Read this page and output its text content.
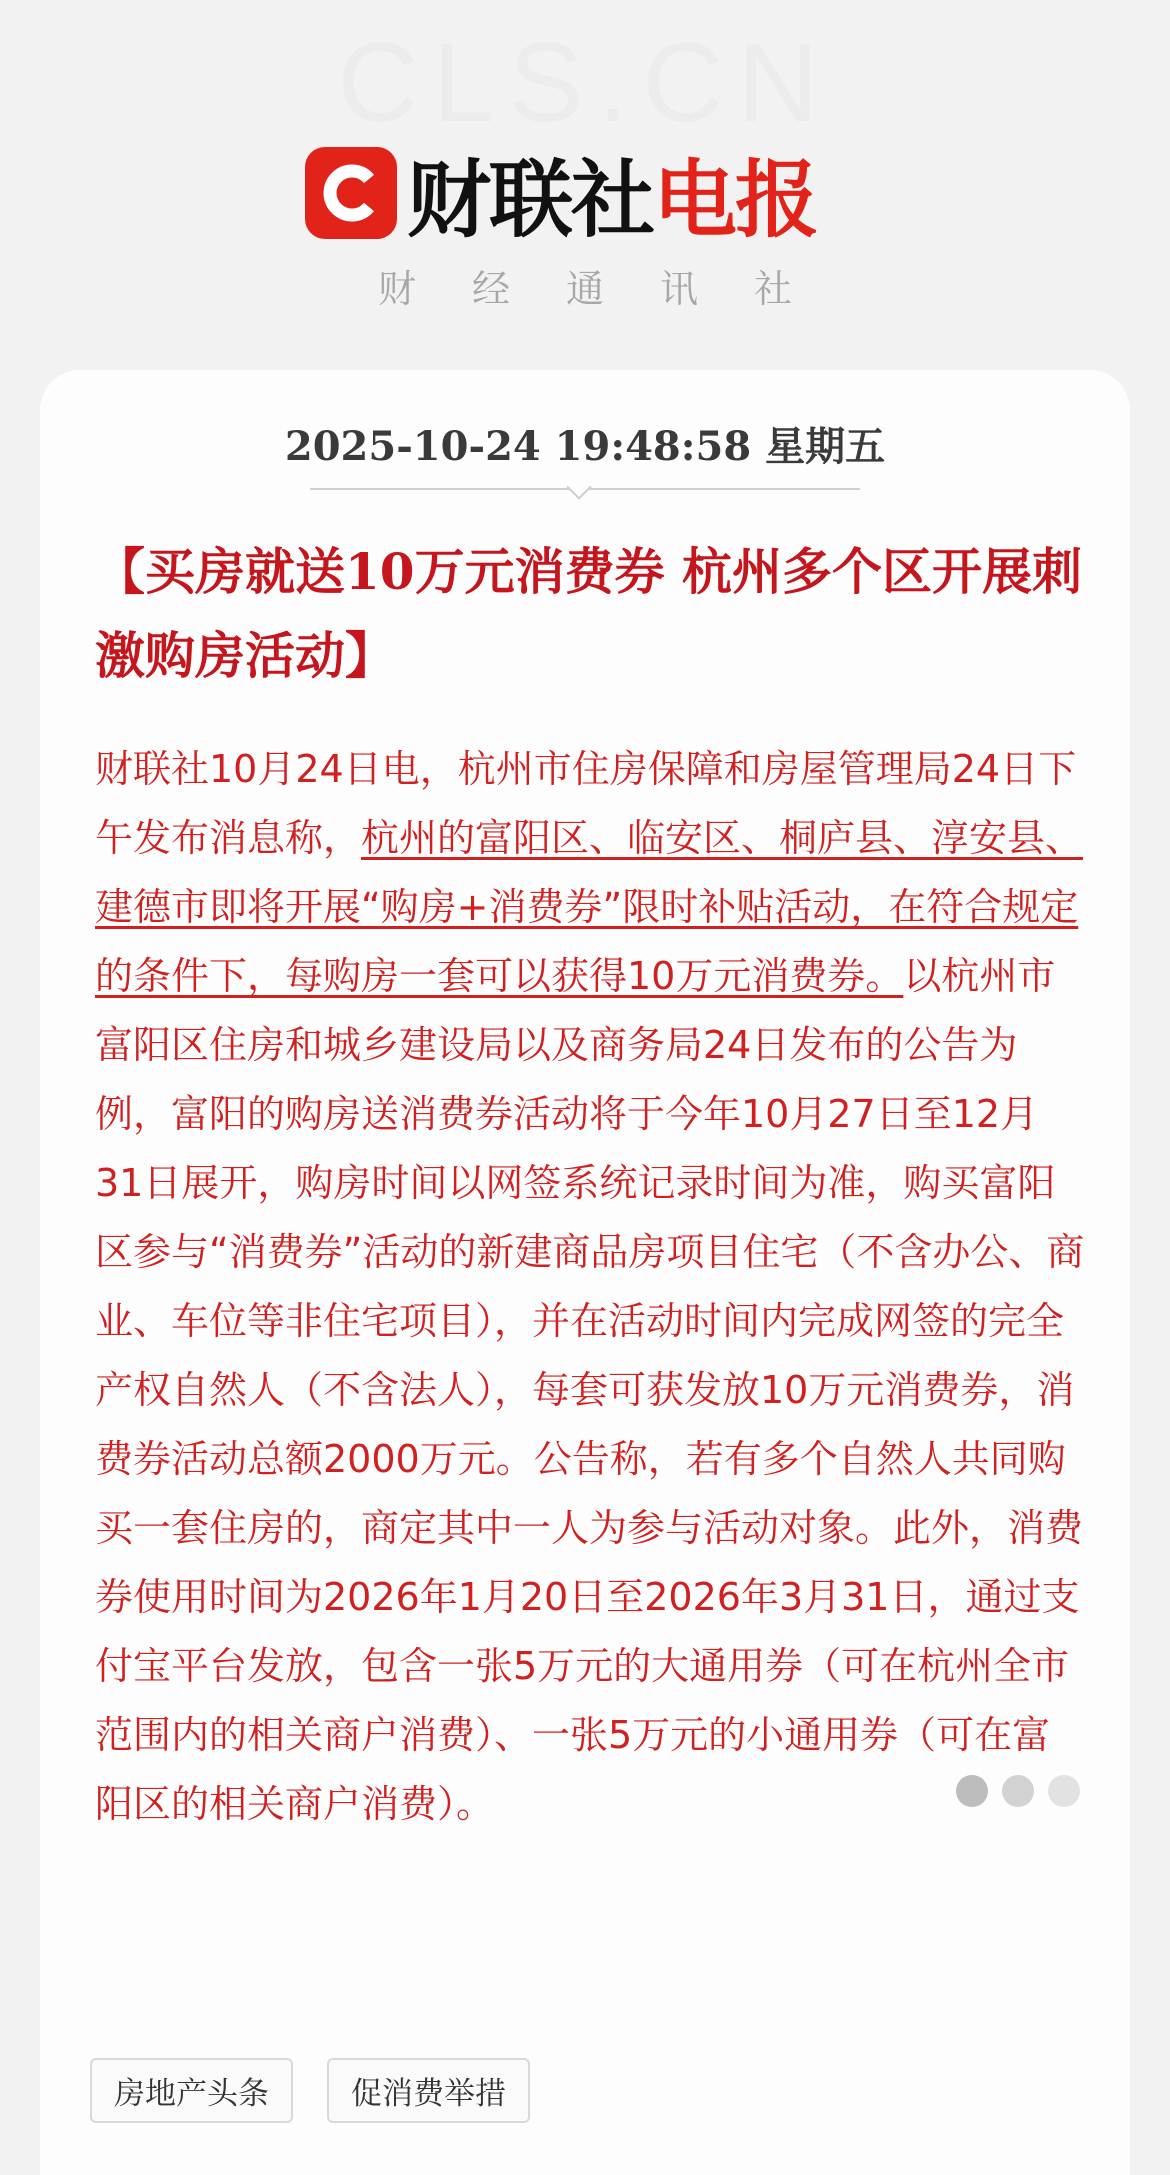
CLS.CN
财联社电报
财经通讯社
2025-10-24 19:48:58 星期五

【买房就送10万元消费券 杭州多个区开展刺激购房活动】

财联社10月24日电，杭州市住房保障和房屋管理局24日下午发布消息称，杭州的富阳区、临安区、桐庐县、淳安县、建德市即将开展“购房+消费券”限时补贴活动，在符合规定的条件下，每购房一套可以获得10万元消费券。以杭州市富阳区住房和城乡建设局以及商务局24日发布的公告为例，富阳的购房送消费券活动将于今年10月27日至12月31日展开，购房时间以网签系统记录时间为准，购买富阳区参与“消费券”活动的新建商品房项目住宅（不含办公、商业、车位等非住宅项目），并在活动时间内完成网签的完全产权自然人（不含法人），每套可获发放10万元消费券，消费券活动总额2000万元。公告称，若有多个自然人共同购买一套住房的，商定其中一人为参与活动对象。此外，消费券使用时间为2026年1月20日至2026年3月31日，通过支付宝平台发放，包含一张5万元的大通用券（可在杭州全市范围内的相关商户消费）、一张5万元的小通用券（可在富阳区的相关商户消费）。

房地产头条	促消费举措
